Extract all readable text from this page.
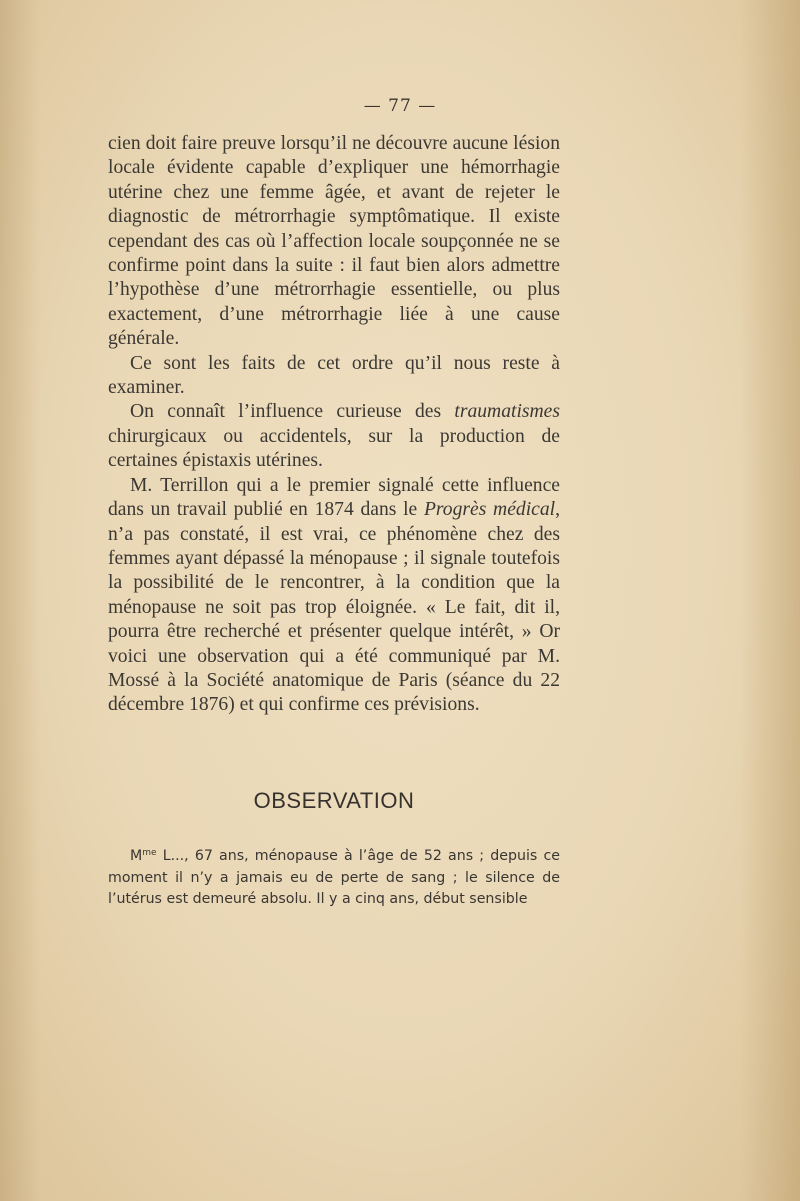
— 77 —

cien doit faire preuve lorsqu’il ne découvre aucune lésion locale évidente capable d’expliquer une hémorrhagie utérine chez une femme âgée, et avant de rejeter le diagnostic de métrorrhagie symptômatique. Il existe cependant des cas où l’affection locale soupçonnée ne se confirme point dans la suite : il faut bien alors admettre l’hypothèse d’une métrorrhagie essentielle, ou plus exactement, d’une métrorrhagie liée à une cause générale.

Ce sont les faits de cet ordre qu’il nous reste à examiner.

On connaît l’influence curieuse des traumatismes chirurgicaux ou accidentels, sur la production de certaines épistaxis utérines.

M. Terrillon qui a le premier signalé cette influence dans un travail publié en 1874 dans le Progrès médical, n’a pas constaté, il est vrai, ce phénomène chez des femmes ayant dépassé la ménopause ; il signale toutefois la possibilité de le rencontrer, à la condition que la ménopause ne soit pas trop éloignée. « Le fait, dit il, pourra être recherché et présenter quelque intérêt, » Or voici une observation qui a été communiqué par M. Mossé à la Société anatomique de Paris (séance du 22 décembre 1876) et qui confirme ces prévisions.

OBSERVATION

$M^{me}$ L..., 67 ans, ménopause à l’âge de 52 ans ; depuis ce moment il n’y a jamais eu de perte de sang ; le silence de l’utérus est demeuré absolu. Il y a cinq ans, début sensible
